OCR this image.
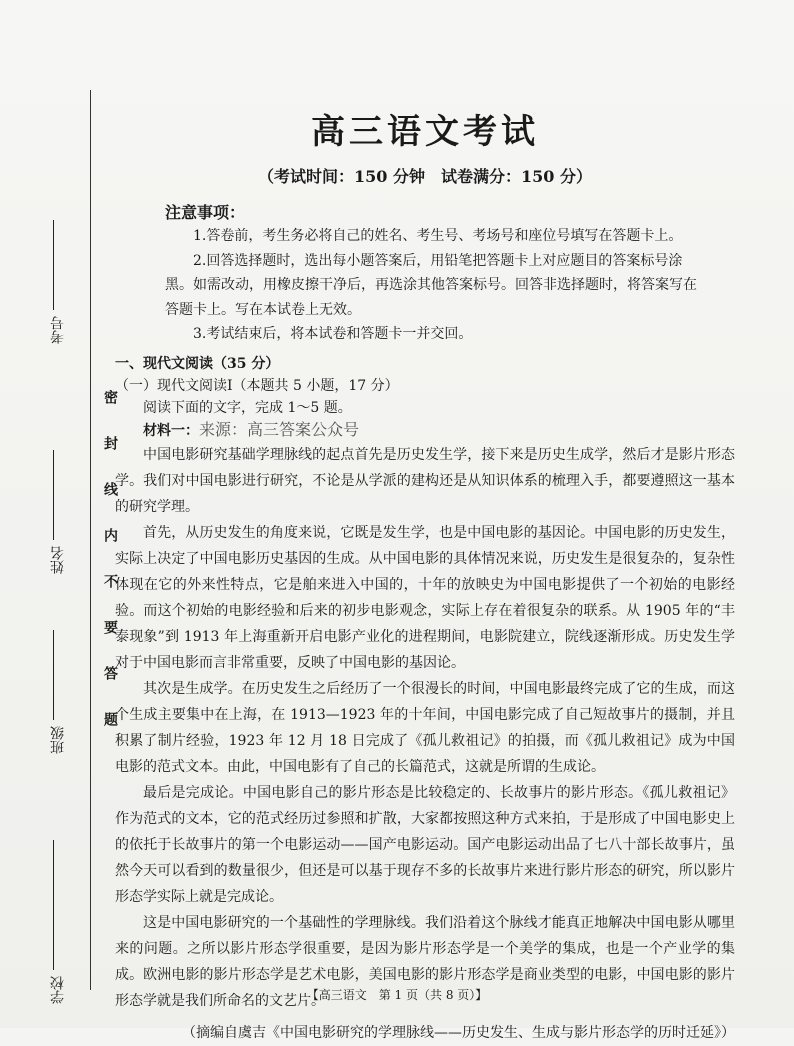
考号
姓名
班级
学校
密封线内不要答题
高三语文考试
（考试时间：150 分钟　试卷满分：150 分）
注意事项：
1.答卷前，考生务必将自己的姓名、考生号、考场号和座位号填写在答题卡上。
2.回答选择题时，选出每小题答案后，用铅笔把答题卡上对应题目的答案标号涂
黑。如需改动，用橡皮擦干净后，再选涂其他答案标号。回答非选择题时，将答案写在
答题卡上。写在本试卷上无效。
3.考试结束后，将本试卷和答题卡一并交回。
一、现代文阅读（35 分）
（一）现代文阅读Ⅰ（本题共 5 小题，17 分）
阅读下面的文字，完成 1～5 题。
材料一：来源：高三答案公众号

中国电影研究基础学理脉线的起点首先是历史发生学，接下来是历史生成学，然后才是影片形态学。我们对中国电影进行研究，不论是从学派的建构还是从知识体系的梳理入手，都要遵照这一基本的研究学理。

首先，从历史发生的角度来说，它既是发生学，也是中国电影的基因论。中国电影的历史发生，实际上决定了中国电影历史基因的生成。从中国电影的具体情况来说，历史发生是很复杂的，复杂性体现在它的外来性特点，它是舶来进入中国的，十年的放映史为中国电影提供了一个初始的电影经验。而这个初始的电影经验和后来的初步电影观念，实际上存在着很复杂的联系。从 1905 年的“丰泰现象”到 1913 年上海重新开启电影产业化的进程期间，电影院建立，院线逐渐形成。历史发生学对于中国电影而言非常重要，反映了中国电影的基因论。

其次是生成学。在历史发生之后经历了一个很漫长的时间，中国电影最终完成了它的生成，而这个生成主要集中在上海，在 1913—1923 年的十年间，中国电影完成了自己短故事片的摄制，并且积累了制片经验，1923 年 12 月 18 日完成了《孤儿救祖记》的拍摄，而《孤儿救祖记》成为中国电影的范式文本。由此，中国电影有了自己的长篇范式，这就是所谓的生成论。

最后是完成论。中国电影自己的影片形态是比较稳定的、长故事片的影片形态。《孤儿救祖记》作为范式的文本，它的范式经历过参照和扩散，大家都按照这种方式来拍，于是形成了中国电影史上的依托于长故事片的第一个电影运动——国产电影运动。国产电影运动出品了七八十部长故事片，虽然今天可以看到的数量很少，但还是可以基于现存不多的长故事片来进行影片形态的研究，所以影片形态学实际上就是完成论。

这是中国电影研究的一个基础性的学理脉线。我们沿着这个脉线才能真正地解决中国电影从哪里来的问题。之所以影片形态学很重要，是因为影片形态学是一个美学的集成，也是一个产业学的集成。欧洲电影的影片形态学是艺术电影，美国电影的影片形态学是商业类型的电影，中国电影的影片形态学就是我们所命名的文艺片。

（摘编自虞吉《中国电影研究的学理脉线——历史发生、生成与影片形态学的历时迁延》）
【高三语文　第 1 页（共 8 页）】
